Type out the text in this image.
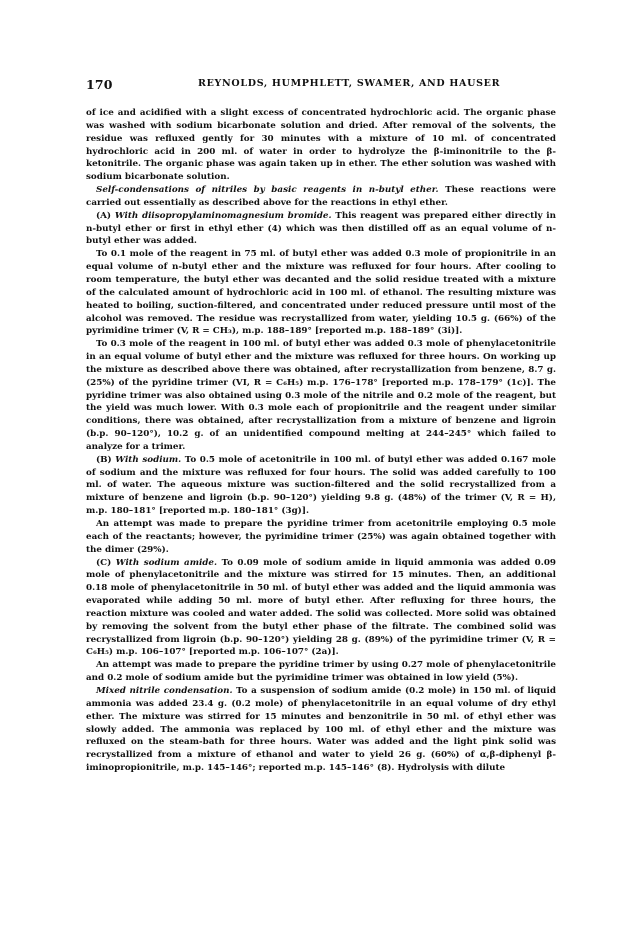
170	REYNOLDS, HUMPHLETT, SWAMER, AND HAUSER

of ice and acidified with a slight excess of concentrated hydrochloric acid. The organic phase was washed with sodium bicarbonate solution and dried. After removal of the solvents, the residue was refluxed gently for 30 minutes with a mixture of 10 ml. of concentrated hydrochloric acid in 200 ml. of water in order to hydrolyze the β-iminonitrile to the β-ketonitrile. The organic phase was again taken up in ether. The ether solution was washed with sodium bicarbonate solution.

Self-condensations of nitriles by basic reagents in n-butyl ether. These reactions were carried out essentially as described above for the reactions in ethyl ether.

(A) With diisopropylaminomagnesium bromide. This reagent was prepared either directly in n-butyl ether or first in ethyl ether (4) which was then distilled off as an equal volume of n-butyl ether was added.

To 0.1 mole of the reagent in 75 ml. of butyl ether was added 0.3 mole of propionitrile in an equal volume of n-butyl ether and the mixture was refluxed for four hours. After cooling to room temperature, the butyl ether was decanted and the solid residue treated with a mixture of the calculated amount of hydrochloric acid in 100 ml. of ethanol. The resulting mixture was heated to boiling, suction-filtered, and concentrated under reduced pressure until most of the alcohol was removed. The residue was recrystallized from water, yielding 10.5 g. (66%) of the pyrimidine trimer (V, R = CH₃), m.p. 188–189° [reported m.p. 188–189° (3i)].

To 0.3 mole of the reagent in 100 ml. of butyl ether was added 0.3 mole of phenylacetonitrile in an equal volume of butyl ether and the mixture was refluxed for three hours. On working up the mixture as described above there was obtained, after recrystallization from benzene, 8.7 g. (25%) of the pyridine trimer (VI, R = C₆H₅) m.p. 176–178° [reported m.p. 178–179° (1c)]. The pyridine trimer was also obtained using 0.3 mole of the nitrile and 0.2 mole of the reagent, but the yield was much lower. With 0.3 mole each of propionitrile and the reagent under similar conditions, there was obtained, after recrystallization from a mixture of benzene and ligroin (b.p. 90–120°), 10.2 g. of an unidentified compound melting at 244–245° which failed to analyze for a trimer.

(B) With sodium. To 0.5 mole of acetonitrile in 100 ml. of butyl ether was added 0.167 mole of sodium and the mixture was refluxed for four hours. The solid was added carefully to 100 ml. of water. The aqueous mixture was suction-filtered and the solid recrystallized from a mixture of benzene and ligroin (b.p. 90–120°) yielding 9.8 g. (48%) of the trimer (V, R = H), m.p. 180–181° [reported m.p. 180–181° (3g)].

An attempt was made to prepare the pyridine trimer from acetonitrile employing 0.5 mole each of the reactants; however, the pyrimidine trimer (25%) was again obtained together with the dimer (29%).

(C) With sodium amide. To 0.09 mole of sodium amide in liquid ammonia was added 0.09 mole of phenylacetonitrile and the mixture was stirred for 15 minutes. Then, an additional 0.18 mole of phenylacetonitrile in 50 ml. of butyl ether was added and the liquid ammonia was evaporated while adding 50 ml. more of butyl ether. After refluxing for three hours, the reaction mixture was cooled and water added. The solid was collected. More solid was obtained by removing the solvent from the butyl ether phase of the filtrate. The combined solid was recrystallized from ligroin (b.p. 90–120°) yielding 28 g. (89%) of the pyrimidine trimer (V, R = C₆H₅) m.p. 106–107° [reported m.p. 106–107° (2a)].

An attempt was made to prepare the pyridine trimer by using 0.27 mole of phenylacetonitrile and 0.2 mole of sodium amide but the pyrimidine trimer was obtained in low yield (5%).

Mixed nitrile condensation. To a suspension of sodium amide (0.2 mole) in 150 ml. of liquid ammonia was added 23.4 g. (0.2 mole) of phenylacetonitrile in an equal volume of dry ethyl ether. The mixture was stirred for 15 minutes and benzonitrile in 50 ml. of ethyl ether was slowly added. The ammonia was replaced by 100 ml. of ethyl ether and the mixture was refluxed on the steam-bath for three hours. Water was added and the light pink solid was recrystallized from a mixture of ethanol and water to yield 26 g. (60%) of α,β-diphenyl β-iminopropionitrile, m.p. 145–146°; reported m.p. 145–146° (8). Hydrolysis with dilute
